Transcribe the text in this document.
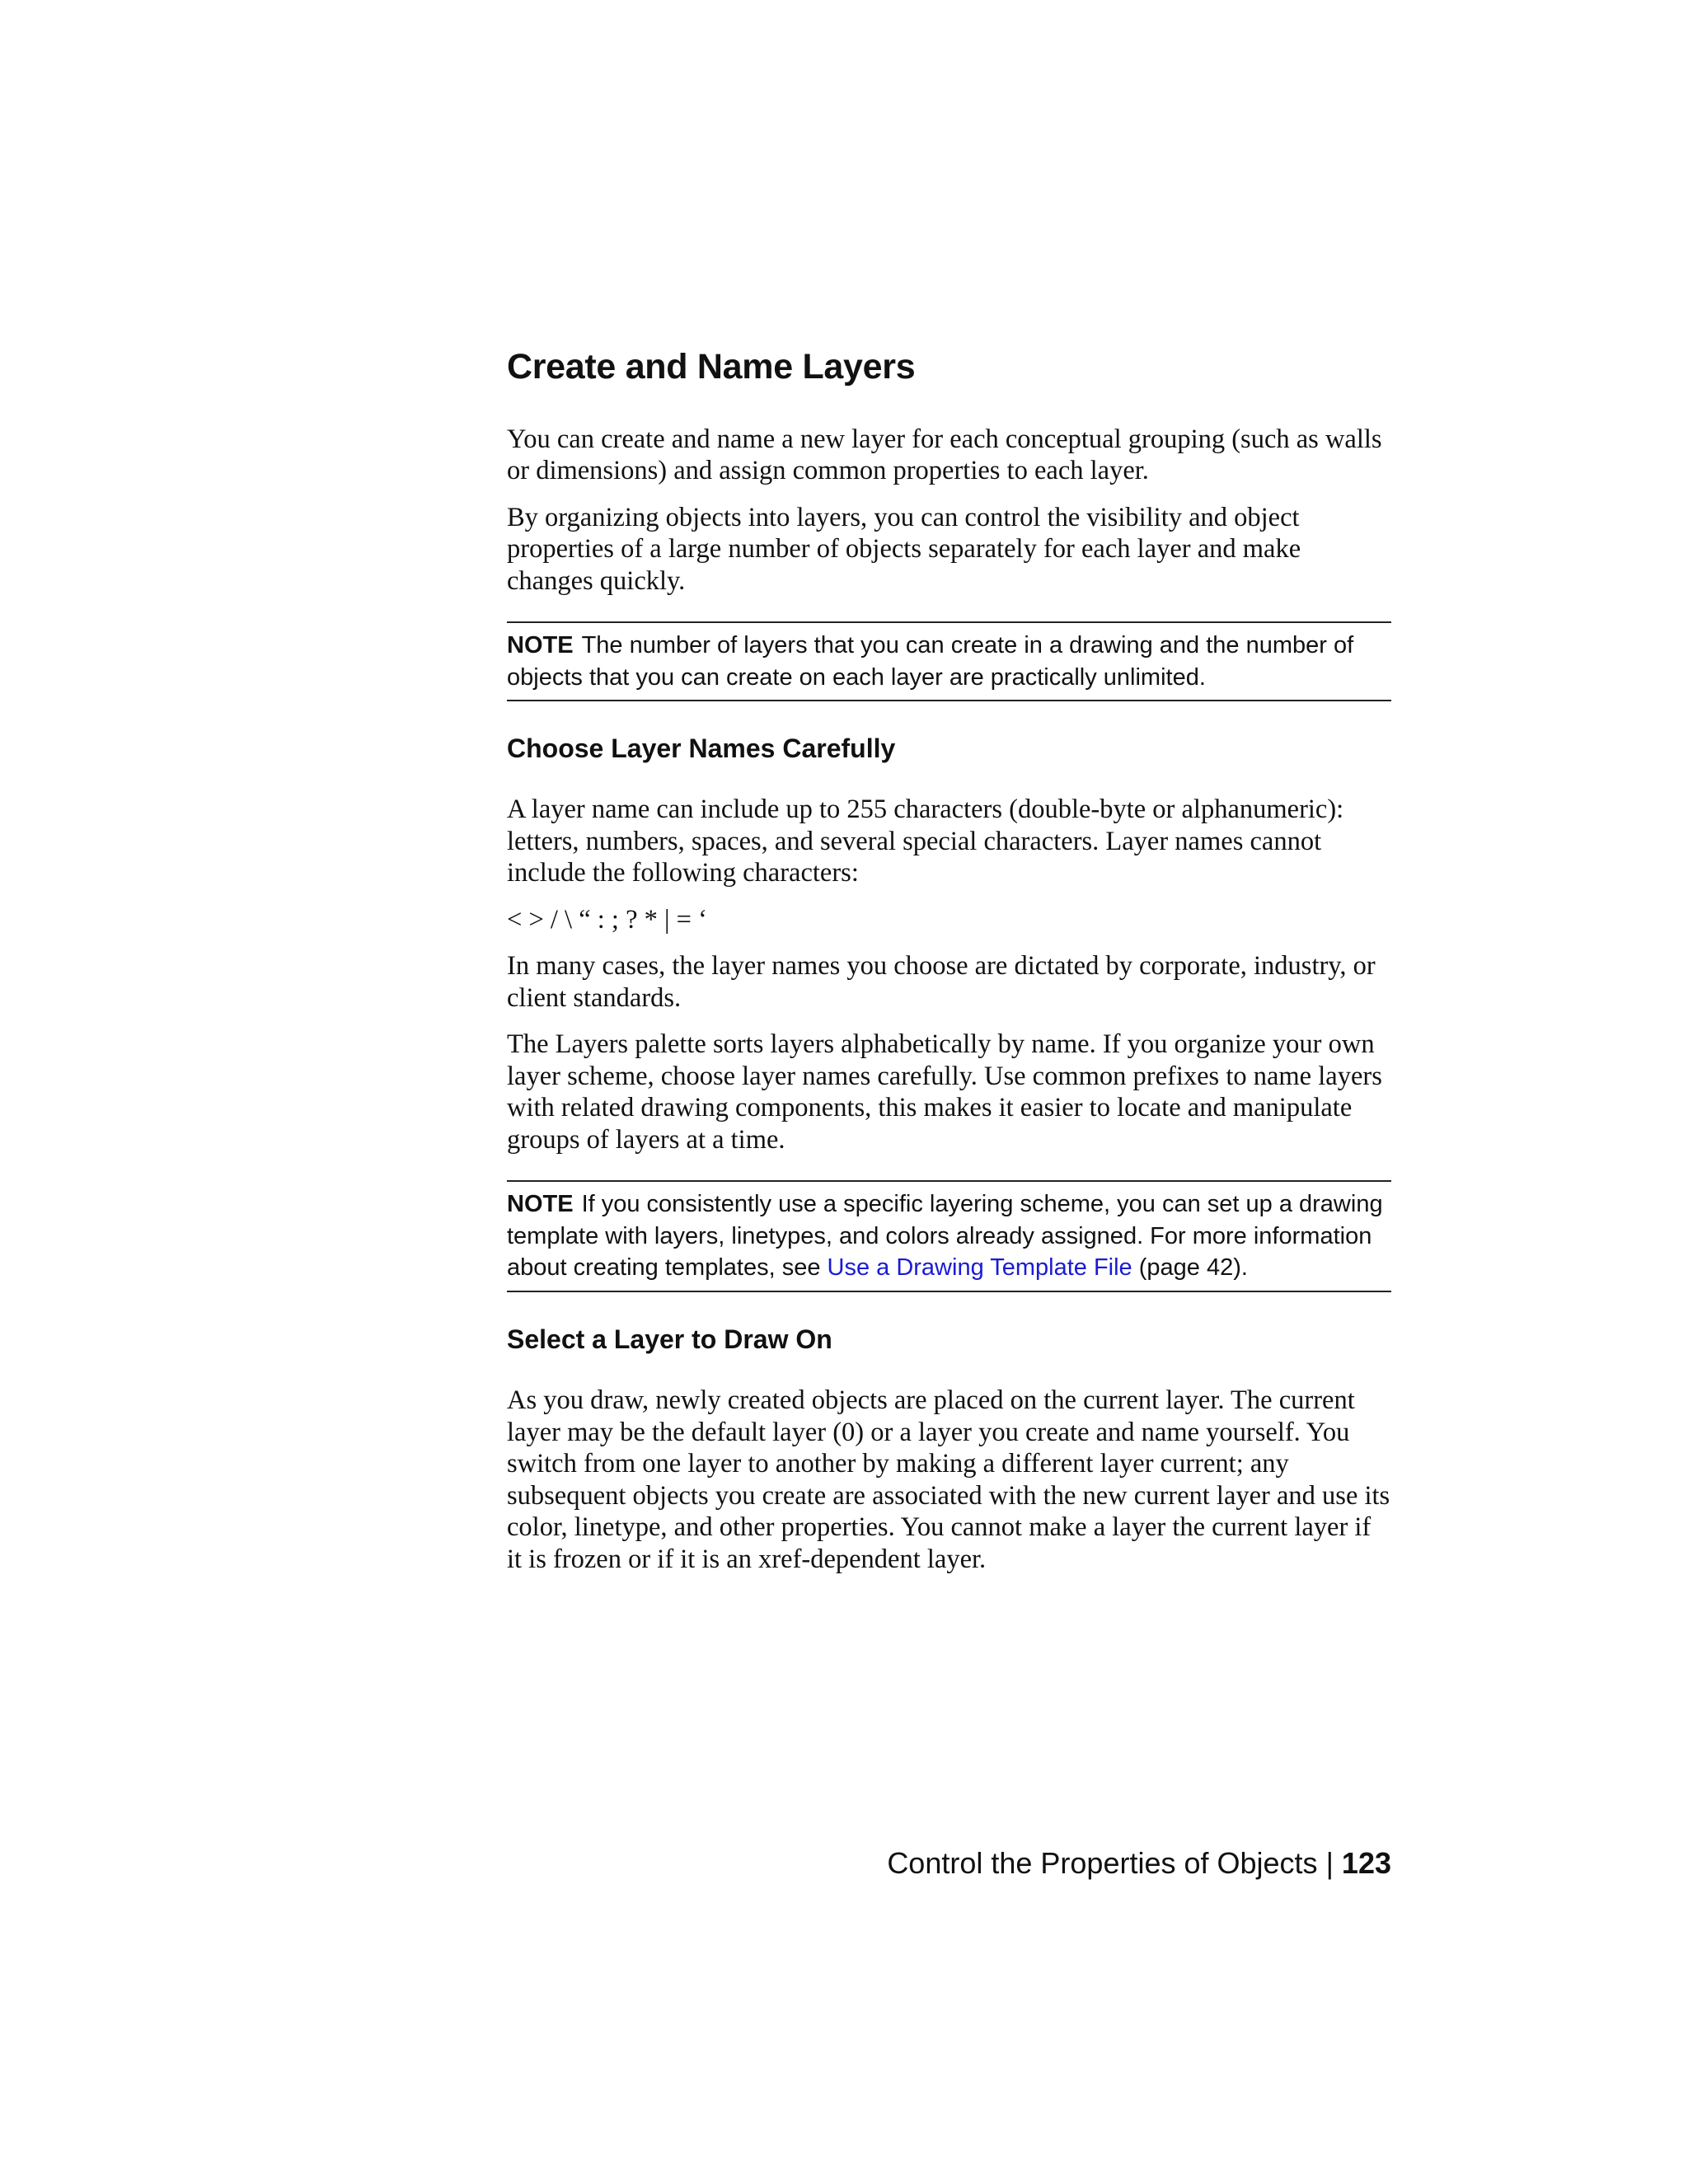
Create and Name Layers

You can create and name a new layer for each conceptual grouping (such as walls or dimensions) and assign common properties to each layer.

By organizing objects into layers, you can control the visibility and object properties of a large number of objects separately for each layer and make changes quickly.

NOTE The number of layers that you can create in a drawing and the number of objects that you can create on each layer are practically unlimited.
Choose Layer Names Carefully

A layer name can include up to 255 characters (double-byte or alphanumeric): letters, numbers, spaces, and several special characters. Layer names cannot include the following characters:

< > / \ “ : ; ? * | = ‘

In many cases, the layer names you choose are dictated by corporate, industry, or client standards.

The Layers palette sorts layers alphabetically by name. If you organize your own layer scheme, choose layer names carefully. Use common prefixes to name layers with related drawing components, this makes it easier to locate and manipulate groups of layers at a time.

NOTE If you consistently use a specific layering scheme, you can set up a drawing template with layers, linetypes, and colors already assigned. For more information about creating templates, see Use a Drawing Template File (page 42).
Select a Layer to Draw On

As you draw, newly created objects are placed on the current layer. The current layer may be the default layer (0) or a layer you create and name yourself. You switch from one layer to another by making a different layer current; any subsequent objects you create are associated with the new current layer and use its color, linetype, and other properties. You cannot make a layer the current layer if it is frozen or if it is an xref-dependent layer.

Control the Properties of Objects | 123
